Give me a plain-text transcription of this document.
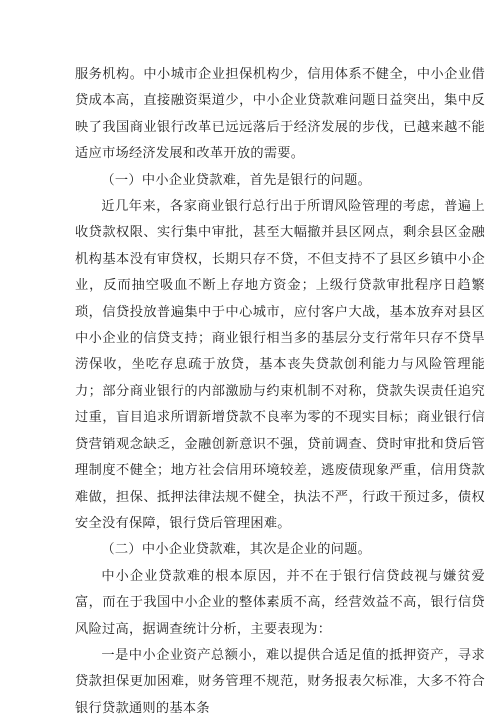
服务机构。中小城市企业担保机构少，信用体系不健全，中小企业借贷成本高，直接融资渠道少，中小企业贷款难问题日益突出，集中反映了我国商业银行改革已远远落后于经济发展的步伐，已越来越不能适应市场经济发展和改革开放的需要。

（一）中小企业贷款难，首先是银行的问题。

近几年来，各家商业银行总行出于所谓风险管理的考虑，普遍上收贷款权限、实行集中审批，甚至大幅撤并县区网点，剩余县区金融机构基本没有审贷权，长期只存不贷，不但支持不了县区乡镇中小企业，反而抽空吸血不断上存地方资金；上级行贷款审批程序日趋繁琐，信贷投放普遍集中于中心城市，应付客户大战，基本放弃对县区中小企业的信贷支持；商业银行相当多的基层分支行常年只存不贷旱涝保收，坐吃存息疏于放贷，基本丧失贷款创利能力与风险管理能力；部分商业银行的内部激励与约束机制不对称，贷款失误责任追究过重，盲目追求所谓新增贷款不良率为零的不现实目标；商业银行信贷营销观念缺乏，金融创新意识不强，贷前调查、贷时审批和贷后管理制度不健全；地方社会信用环境较差，逃废债现象严重，信用贷款难做，担保、抵押法律法规不健全，执法不严，行政干预过多，债权安全没有保障，银行贷后管理困难。

（二）中小企业贷款难，其次是企业的问题。

中小企业贷款难的根本原因，并不在于银行信贷歧视与嫌贫爱富，而在于我国中小企业的整体素质不高，经营效益不高，银行信贷风险过高，据调查统计分析，主要表现为：

一是中小企业资产总额小，难以提供合适足值的抵押资产，寻求贷款担保更加困难，财务管理不规范，财务报表欠标准，大多不符合银行贷款通则的基本条
